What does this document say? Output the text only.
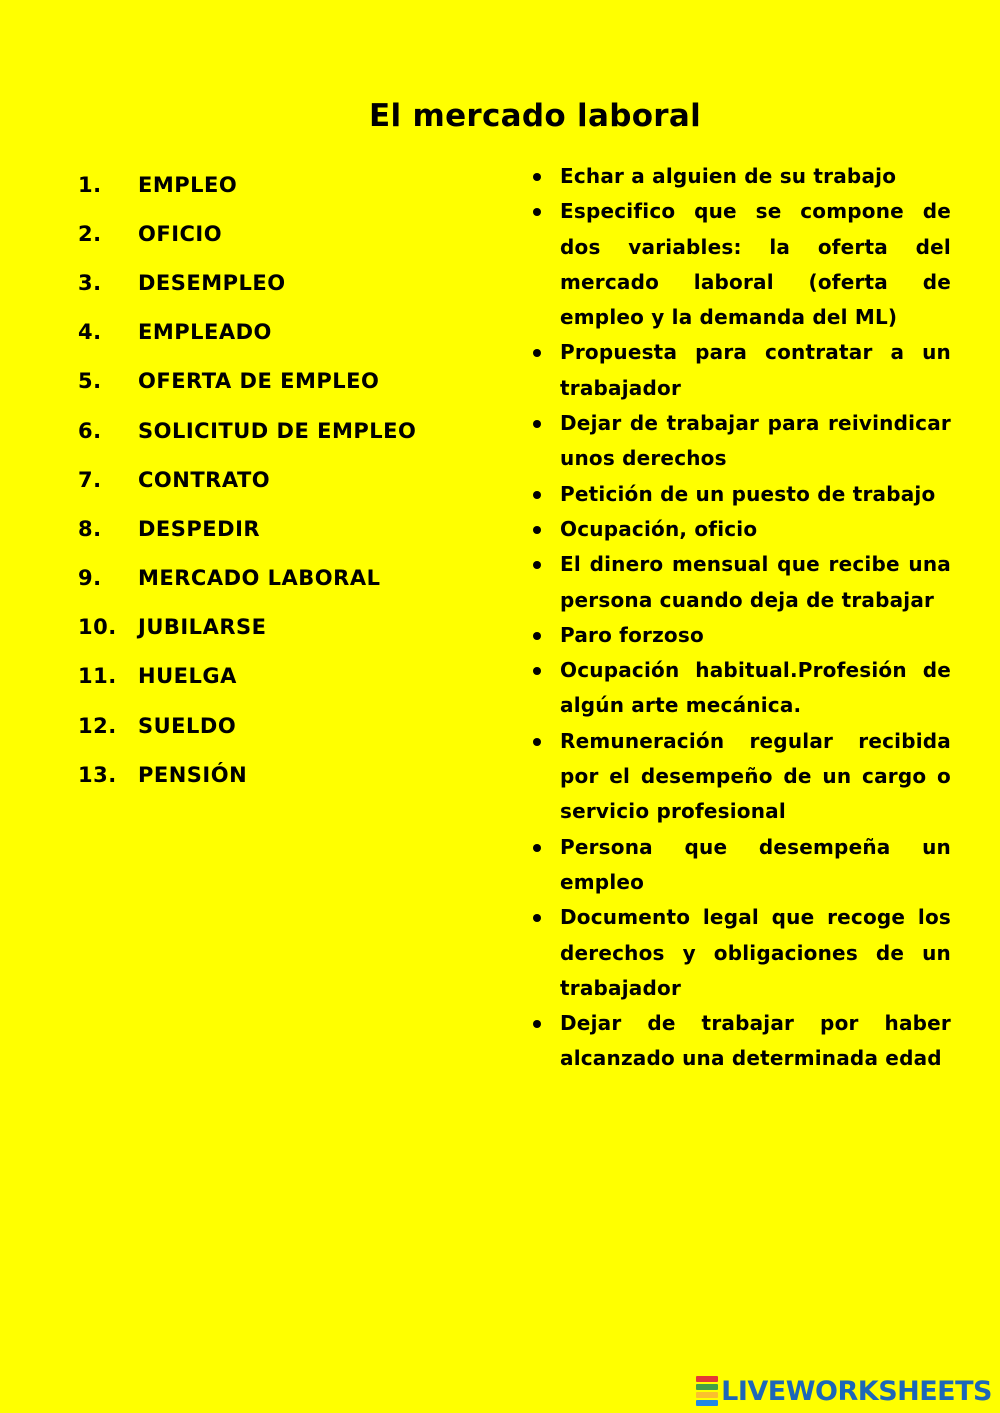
El mercado laboral
1.	EMPLEO
2.	OFICIO
3.	DESEMPLEO
4.	EMPLEADO
5.	OFERTA DE EMPLEO
6.	SOLICITUD DE EMPLEO
7.	CONTRATO
8.	DESPEDIR
9.	MERCADO LABORAL
10.	JUBILARSE
11.	HUELGA
12.	SUELDO
13.	PENSIÓN
Echar a alguien de su trabajo
Especifico que se compone de dos variables: la oferta del mercado laboral (oferta de empleo y la demanda del ML)
Propuesta para contratar a un trabajador
Dejar de trabajar para reivindicar unos derechos
Petición de un puesto de trabajo
Ocupación, oficio
El dinero mensual que recibe una persona cuando deja de trabajar
Paro forzoso
Ocupación habitual.Profesión de algún arte mecánica.
Remuneración regular recibida por el desempeño de un cargo o servicio profesional
Persona que desempeña un empleo
Documento legal que recoge los derechos y obligaciones de un trabajador
Dejar de trabajar por haber alcanzado una determinada edad
LIVEWORKSHEETS
